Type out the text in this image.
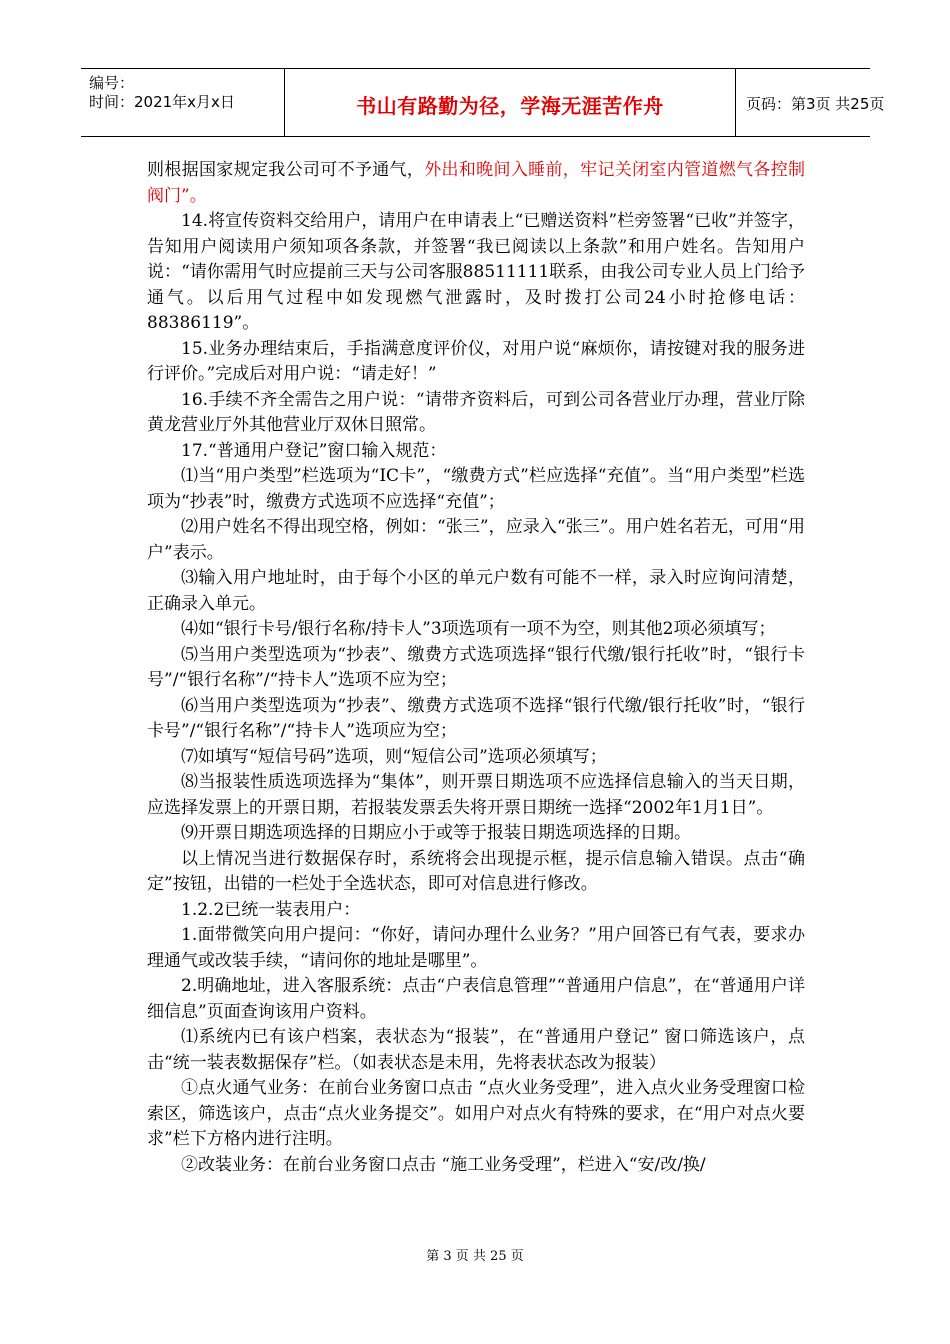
编号：
时间：2021年x月x日	书山有路勤为径，学海无涯苦作舟	页码：第3页 共25页

则根据国家规定我公司可不予通气，外出和晚间入睡前，牢记关闭室内管道燃气各控制阀门”。

14.将宣传资料交给用户，请用户在申请表上“已赠送资料”栏旁签署“已收”并签字，告知用户阅读用户须知项各条款，并签署“我已阅读以上条款”和用户姓名。告知用户说：“请你需用气时应提前三天与公司客服88511111联系，由我公司专业人员上门给予通气。以后用气过程中如发现燃气泄露时，及时拨打公司24小时抢修电话：88386119”。

15.业务办理结束后，手指满意度评价仪，对用户说“麻烦你，请按键对我的服务进行评价。”完成后对用户说：“请走好！”

16.手续不齐全需告之用户说：“请带齐资料后，可到公司各营业厅办理，营业厅除黄龙营业厅外其他营业厅双休日照常。

17.“普通用户登记”窗口输入规范：

⑴当“用户类型”栏选项为“IC卡”，“缴费方式”栏应选择“充值”。当“用户类型”栏选项为“抄表”时，缴费方式选项不应选择“充值”；

⑵用户姓名不得出现空格，例如：“张三”，应录入“张三”。用户姓名若无，可用“用户”表示。

⑶输入用户地址时，由于每个小区的单元户数有可能不一样，录入时应询问清楚，正确录入单元。

⑷如“银行卡号/银行名称/持卡人”3项选项有一项不为空，则其他2项必须填写；

⑸当用户类型选项为“抄表”、缴费方式选项选择“银行代缴/银行托收”时，“银行卡号”/“银行名称”/“持卡人”选项不应为空；

⑹当用户类型选项为“抄表”、缴费方式选项不选择“银行代缴/银行托收”时，“银行卡号”/“银行名称”/“持卡人”选项应为空；

⑺如填写“短信号码”选项，则“短信公司”选项必须填写；

⑻当报装性质选项选择为“集体”，则开票日期选项不应选择信息输入的当天日期，应选择发票上的开票日期，若报装发票丢失将开票日期统一选择“2002年1月1日”。

⑼开票日期选项选择的日期应小于或等于报装日期选项选择的日期。

以上情况当进行数据保存时，系统将会出现提示框，提示信息输入错误。点击“确定”按钮，出错的一栏处于全选状态，即可对信息进行修改。

1.2.2已统一装表用户：

1.面带微笑向用户提问：“你好，请问办理什么业务？”用户回答已有气表，要求办理通气或改装手续，“请问你的地址是哪里”。

2.明确地址，进入客服系统：点击“户表信息管理”“普通用户信息”，在“普通用户详细信息”页面查询该用户资料。

⑴系统内已有该户档案，表状态为“报装”，在“普通用户登记” 窗口筛选该户，点击“统一装表数据保存”栏。（如表状态是未用，先将表状态改为报装）

①点火通气业务：在前台业务窗口点击 “点火业务受理”，进入点火业务受理窗口检索区，筛选该户，点击“点火业务提交”。如用户对点火有特殊的要求，在“用户对点火要求”栏下方格内进行注明。

②改装业务：在前台业务窗口点击 “施工业务受理”，栏进入“安/改/换/

第 3 页 共 25 页
